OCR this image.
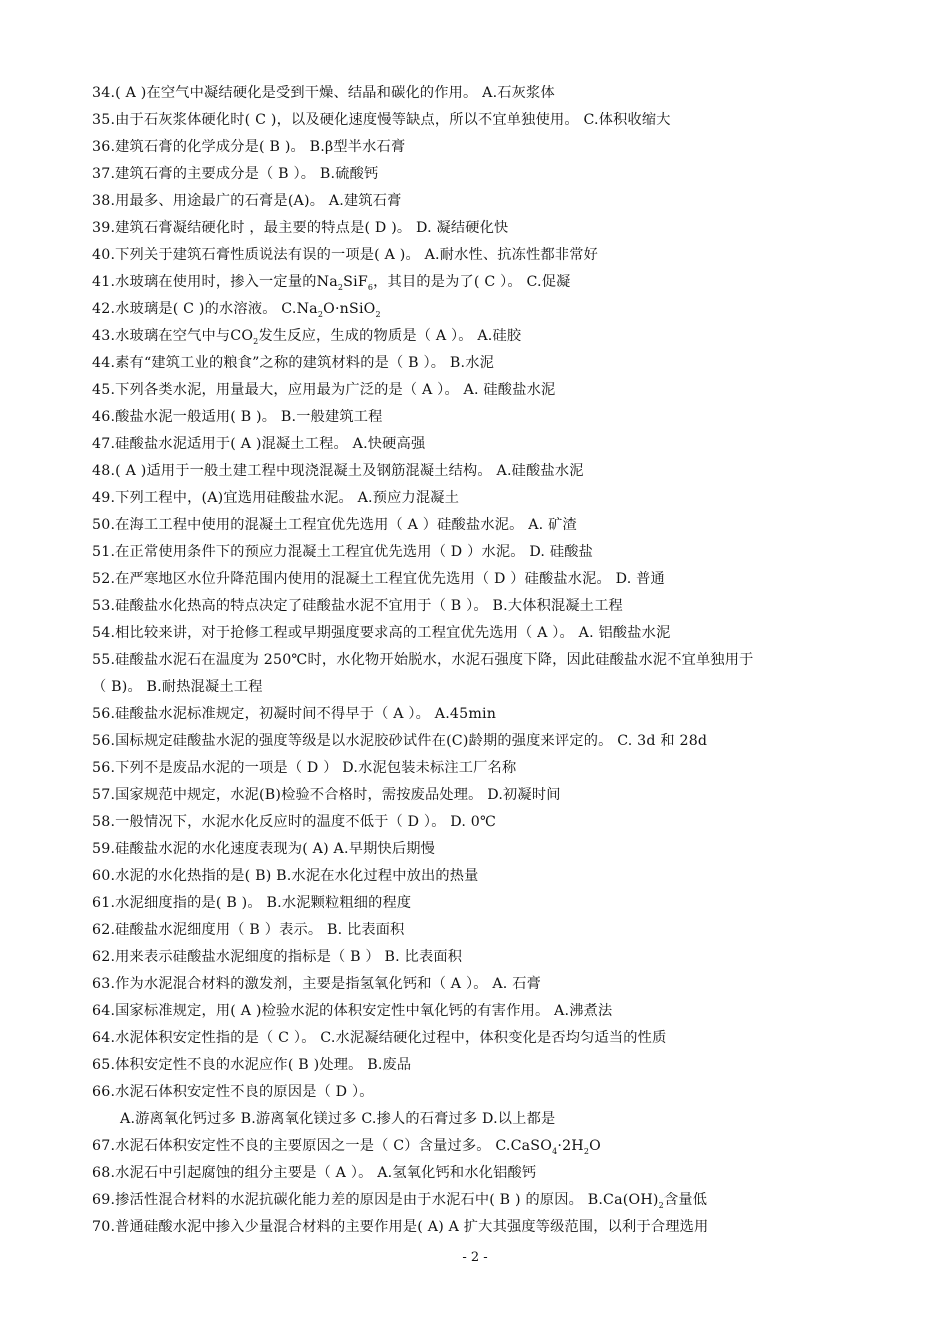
34.( A )在空气中凝结硬化是受到干燥、结晶和碳化的作用。 A.石灰浆体
35.由于石灰浆体硬化时( C )，以及硬化速度慢等缺点，所以不宜单独使用。 C.体积收缩大
36.建筑石膏的化学成分是( B )。 B.β型半水石膏
37.建筑石膏的主要成分是（ B ）。 B.硫酸钙
38.用最多、用途最广的石膏是(A)。 A.建筑石膏
39.建筑石膏凝结硬化时 ，最主要的特点是( D )。 D. 凝结硬化快
40.下列关于建筑石膏性质说法有误的一项是( A )。 A.耐水性、抗冻性都非常好
41.水玻璃在使用时，掺入一定量的$Na_2SiF_6$，其目的是为了( C ）。 C.促凝
42.水玻璃是( C )的水溶液。 $C.Na_2O\cdot nSiO_2$
43.水玻璃在空气中与$CO_2$发生反应，生成的物质是（ A ）。 A.硅胶
44.素有“建筑工业的粮食”之称的建筑材料的是（ B ）。 B.水泥
45.下列各类水泥，用量最大，应用最为广泛的是（ A ）。 A. 硅酸盐水泥
46.酸盐水泥一般适用( B )。 B.一般建筑工程
47.硅酸盐水泥适用于( A )混凝土工程。 A.快硬高强
48.( A )适用于一般土建工程中现浇混凝土及钢筋混凝土结构。 A.硅酸盐水泥
49.下列工程中，(A)宜选用硅酸盐水泥。 A.预应力混凝土
50.在海工工程中使用的混凝土工程宜优先选用（ A ）硅酸盐水泥。 A. 矿渣
51.在正常使用条件下的预应力混凝土工程宜优先选用（ D ）水泥。 D. 硅酸盐
52.在严寒地区水位升降范围内使用的混凝土工程宜优先选用（ D ）硅酸盐水泥。 D. 普通
53.硅酸盐水化热高的特点决定了硅酸盐水泥不宜用于（ B ）。 B.大体积混凝土工程
54.相比较来讲，对于抢修工程或早期强度要求高的工程宜优先选用（ A ）。 A. 铝酸盐水泥
55.硅酸盐水泥石在温度为 250℃时，水化物开始脱水，水泥石强度下降，因此硅酸盐水泥不宜单独用于
（ B)。 B.耐热混凝土工程
56.硅酸盐水泥标准规定，初凝时间不得早于（ A ）。 A.45min
56.国标规定硅酸盐水泥的强度等级是以水泥胶砂试件在(C)龄期的强度来评定的。 C. 3d 和 28d
56.下列不是废品水泥的一项是（ D ） D.水泥包装未标注工厂名称
57.国家规范中规定，水泥(B)检验不合格时，需按废品处理。 D.初凝时间
58.一般情况下，水泥水化反应时的温度不低于（ D ）。 D. 0℃
59.硅酸盐水泥的水化速度表现为( A) A.早期快后期慢
60.水泥的水化热指的是( B) B.水泥在水化过程中放出的热量
61.水泥细度指的是( B )。 B.水泥颗粒粗细的程度
62.硅酸盐水泥细度用（ B ）表示。 B. 比表面积
62.用来表示硅酸盐水泥细度的指标是（ B ） B. 比表面积
63.作为水泥混合材料的激发剂，主要是指氢氧化钙和（ A ）。 A. 石膏
64.国家标准规定，用( A )检验水泥的体积安定性中氧化钙的有害作用。 A.沸煮法
64.水泥体积安定性指的是（ C ）。 C.水泥凝结硬化过程中，体积变化是否均匀适当的性质
65.体积安定性不良的水泥应作( B )处理。 B.废品
66.水泥石体积安定性不良的原因是（ D ）。
A.游离氧化钙过多 B.游离氧化镁过多 C.掺人的石膏过多 D.以上都是
67.水泥石体积安定性不良的主要原因之一是（ C）含量过多。 $C.CaSO_4\cdot 2H_2O$
68.水泥石中引起腐蚀的组分主要是（ A ）。 A.氢氧化钙和水化铝酸钙
69.掺活性混合材料的水泥抗碳化能力差的原因是由于水泥石中( B ) 的原因。 $B.Ca(OH)_2$含量低
70.普通硅酸水泥中掺入少量混合材料的主要作用是( A) A 扩大其强度等级范围，以利于合理选用
- 2 -
